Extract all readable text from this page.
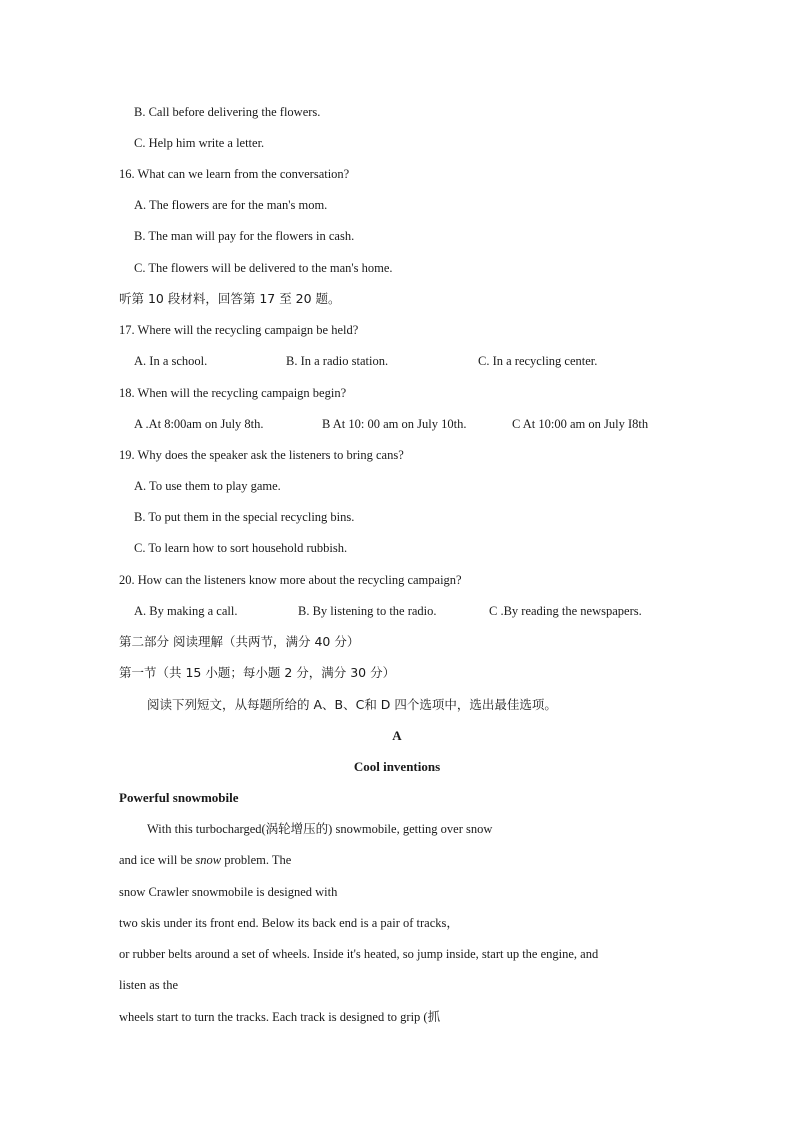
B. Call before delivering the flowers.
C. Help him write a letter.
16. What can we learn from the conversation?
A. The flowers are for the man's mom.
B. The man will pay for the flowers in cash.
C. The flowers will be delivered to the man's home.
听第 10 段材料，回答第 17 至 20 题。
17. Where will the recycling campaign be held?
A. In a school.	B. In a radio station.	C. In a recycling center.
18. When will the recycling campaign begin?
A .At 8:00am on July 8th.	B At 10: 00 am on July 10th.	C At 10:00 am on July I8th
19. Why does the speaker ask the listeners to bring cans?
A. To use them to play game.
B. To put them in the special recycling bins.
C. To learn how to sort household rubbish.
20. How can the listeners know more about the recycling campaign?
A. By making a call.	B. By listening to the radio.	C .By reading the newspapers.
第二部分 阅读理解（共两节，满分 40 分）
第一节（共 15 小题；每小题 2 分，满分 30 分）
阅读下列短文，从每题所给的 A、B、C和 D 四个选项中，选出最佳选项。
A
Cool inventions
Powerful snowmobile
With this turbocharged(涡轮增压的) snowmobile, getting over snow
and ice will be snow problem. The
snow Crawler snowmobile is designed with
two skis under its front end. Below its back end is a pair of tracks，
or rubber belts around a set of wheels. Inside it's heated, so jump inside, start up the engine, and
listen as the
wheels start to turn the tracks. Each track is designed to grip (抓
